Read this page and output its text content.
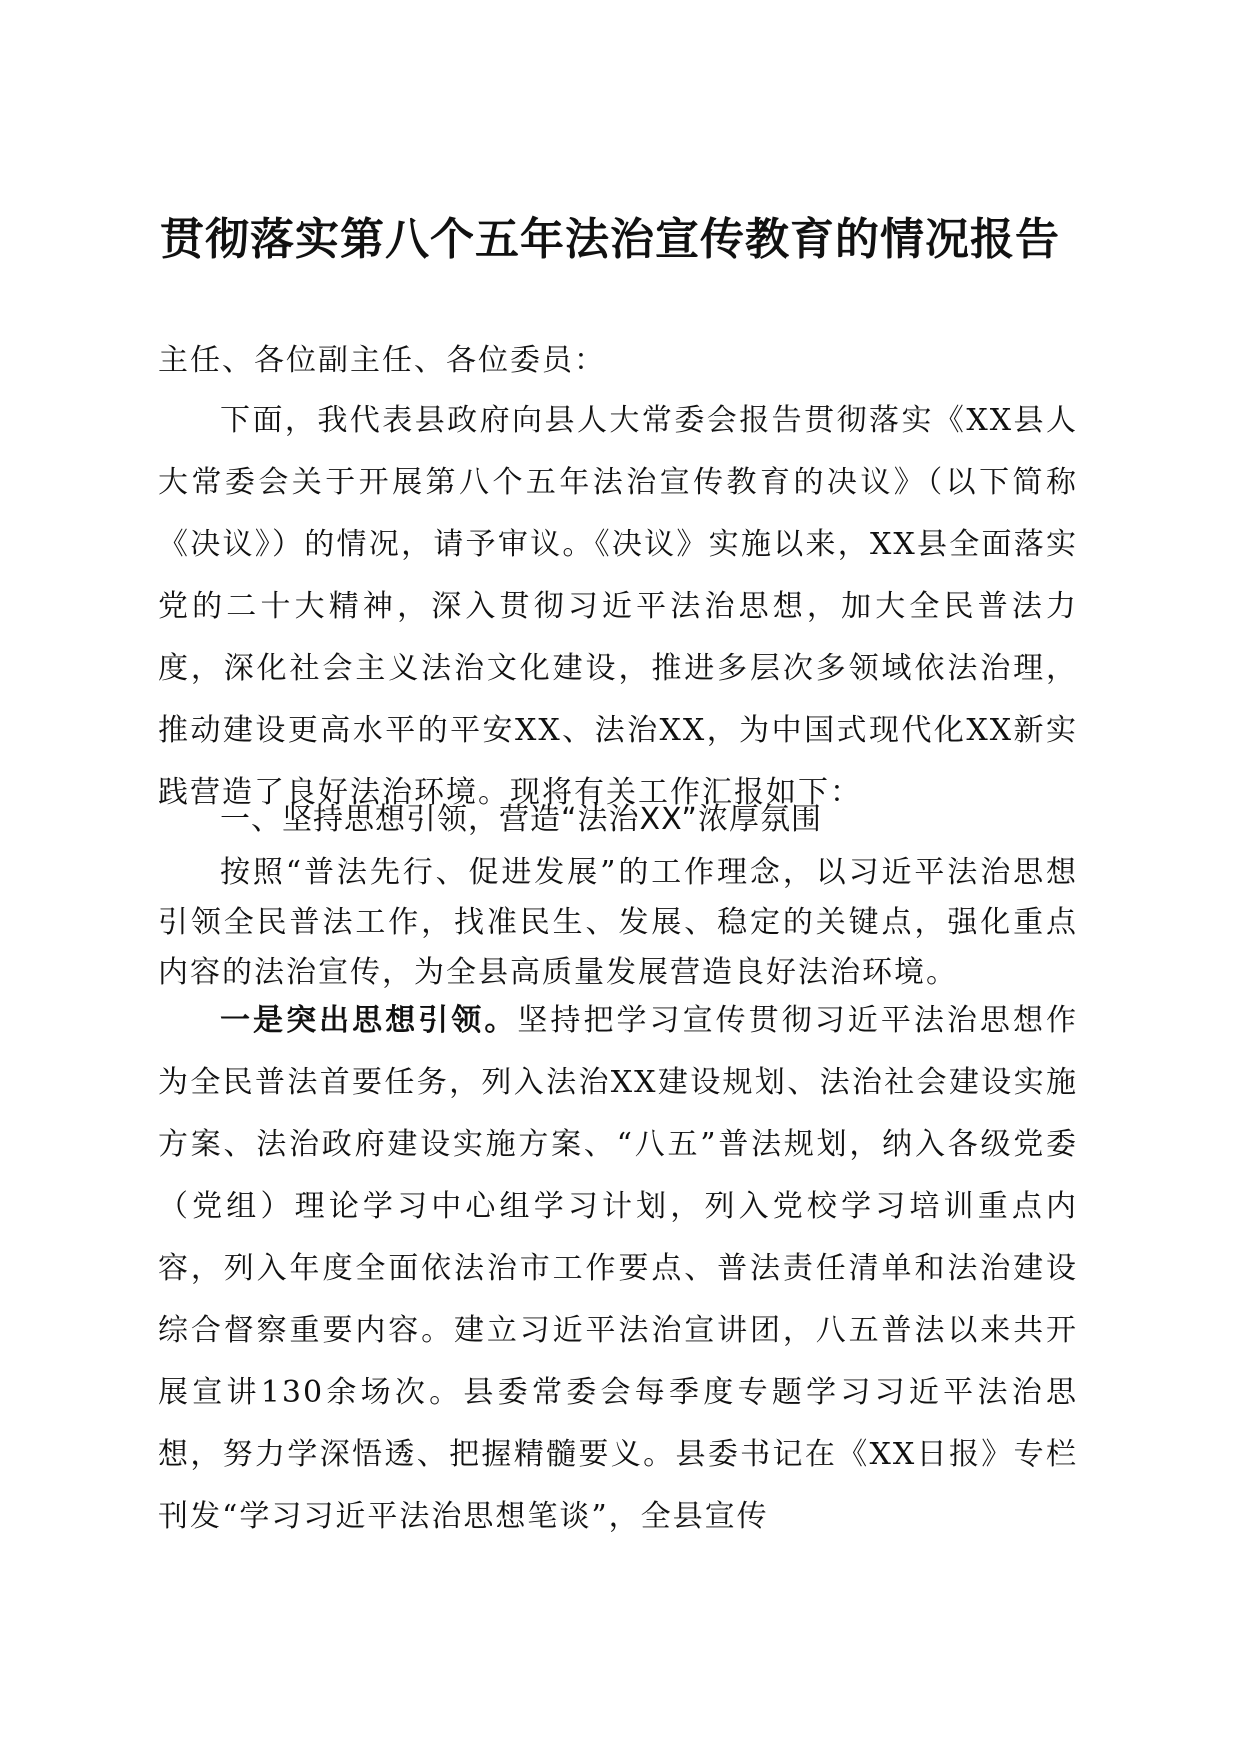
贯彻落实第八个五年法治宣传教育的情况报告
主任、各位副主任、各位委员：
下面，我代表县政府向县人大常委会报告贯彻落实《XX县人大常委会关于开展第八个五年法治宣传教育的决议》（以下简称《决议》）的情况，请予审议。《决议》实施以来，XX县全面落实党的二十大精神，深入贯彻习近平法治思想，加大全民普法力度，深化社会主义法治文化建设，推进多层次多领域依法治理，推动建设更高水平的平安XX、法治XX，为中国式现代化XX新实践营造了良好法治环境。现将有关工作汇报如下：
一、坚持思想引领，营造“法治XX”浓厚氛围
按照“普法先行、促进发展”的工作理念，以习近平法治思想引领全民普法工作，找准民生、发展、稳定的关键点，强化重点内容的法治宣传，为全县高质量发展营造良好法治环境。
一是突出思想引领。坚持把学习宣传贯彻习近平法治思想作为全民普法首要任务，列入法治XX建设规划、法治社会建设实施方案、法治政府建设实施方案、“八五”普法规划，纳入各级党委（党组）理论学习中心组学习计划，列入党校学习培训重点内容，列入年度全面依法治市工作要点、普法责任清单和法治建设综合督察重要内容。建立习近平法治宣讲团，八五普法以来共开展宣讲130余场次。县委常委会每季度专题学习习近平法治思想，努力学深悟透、把握精髓要义。县委书记在《XX日报》专栏刊发“学习习近平法治思想笔谈”，全县宣传
